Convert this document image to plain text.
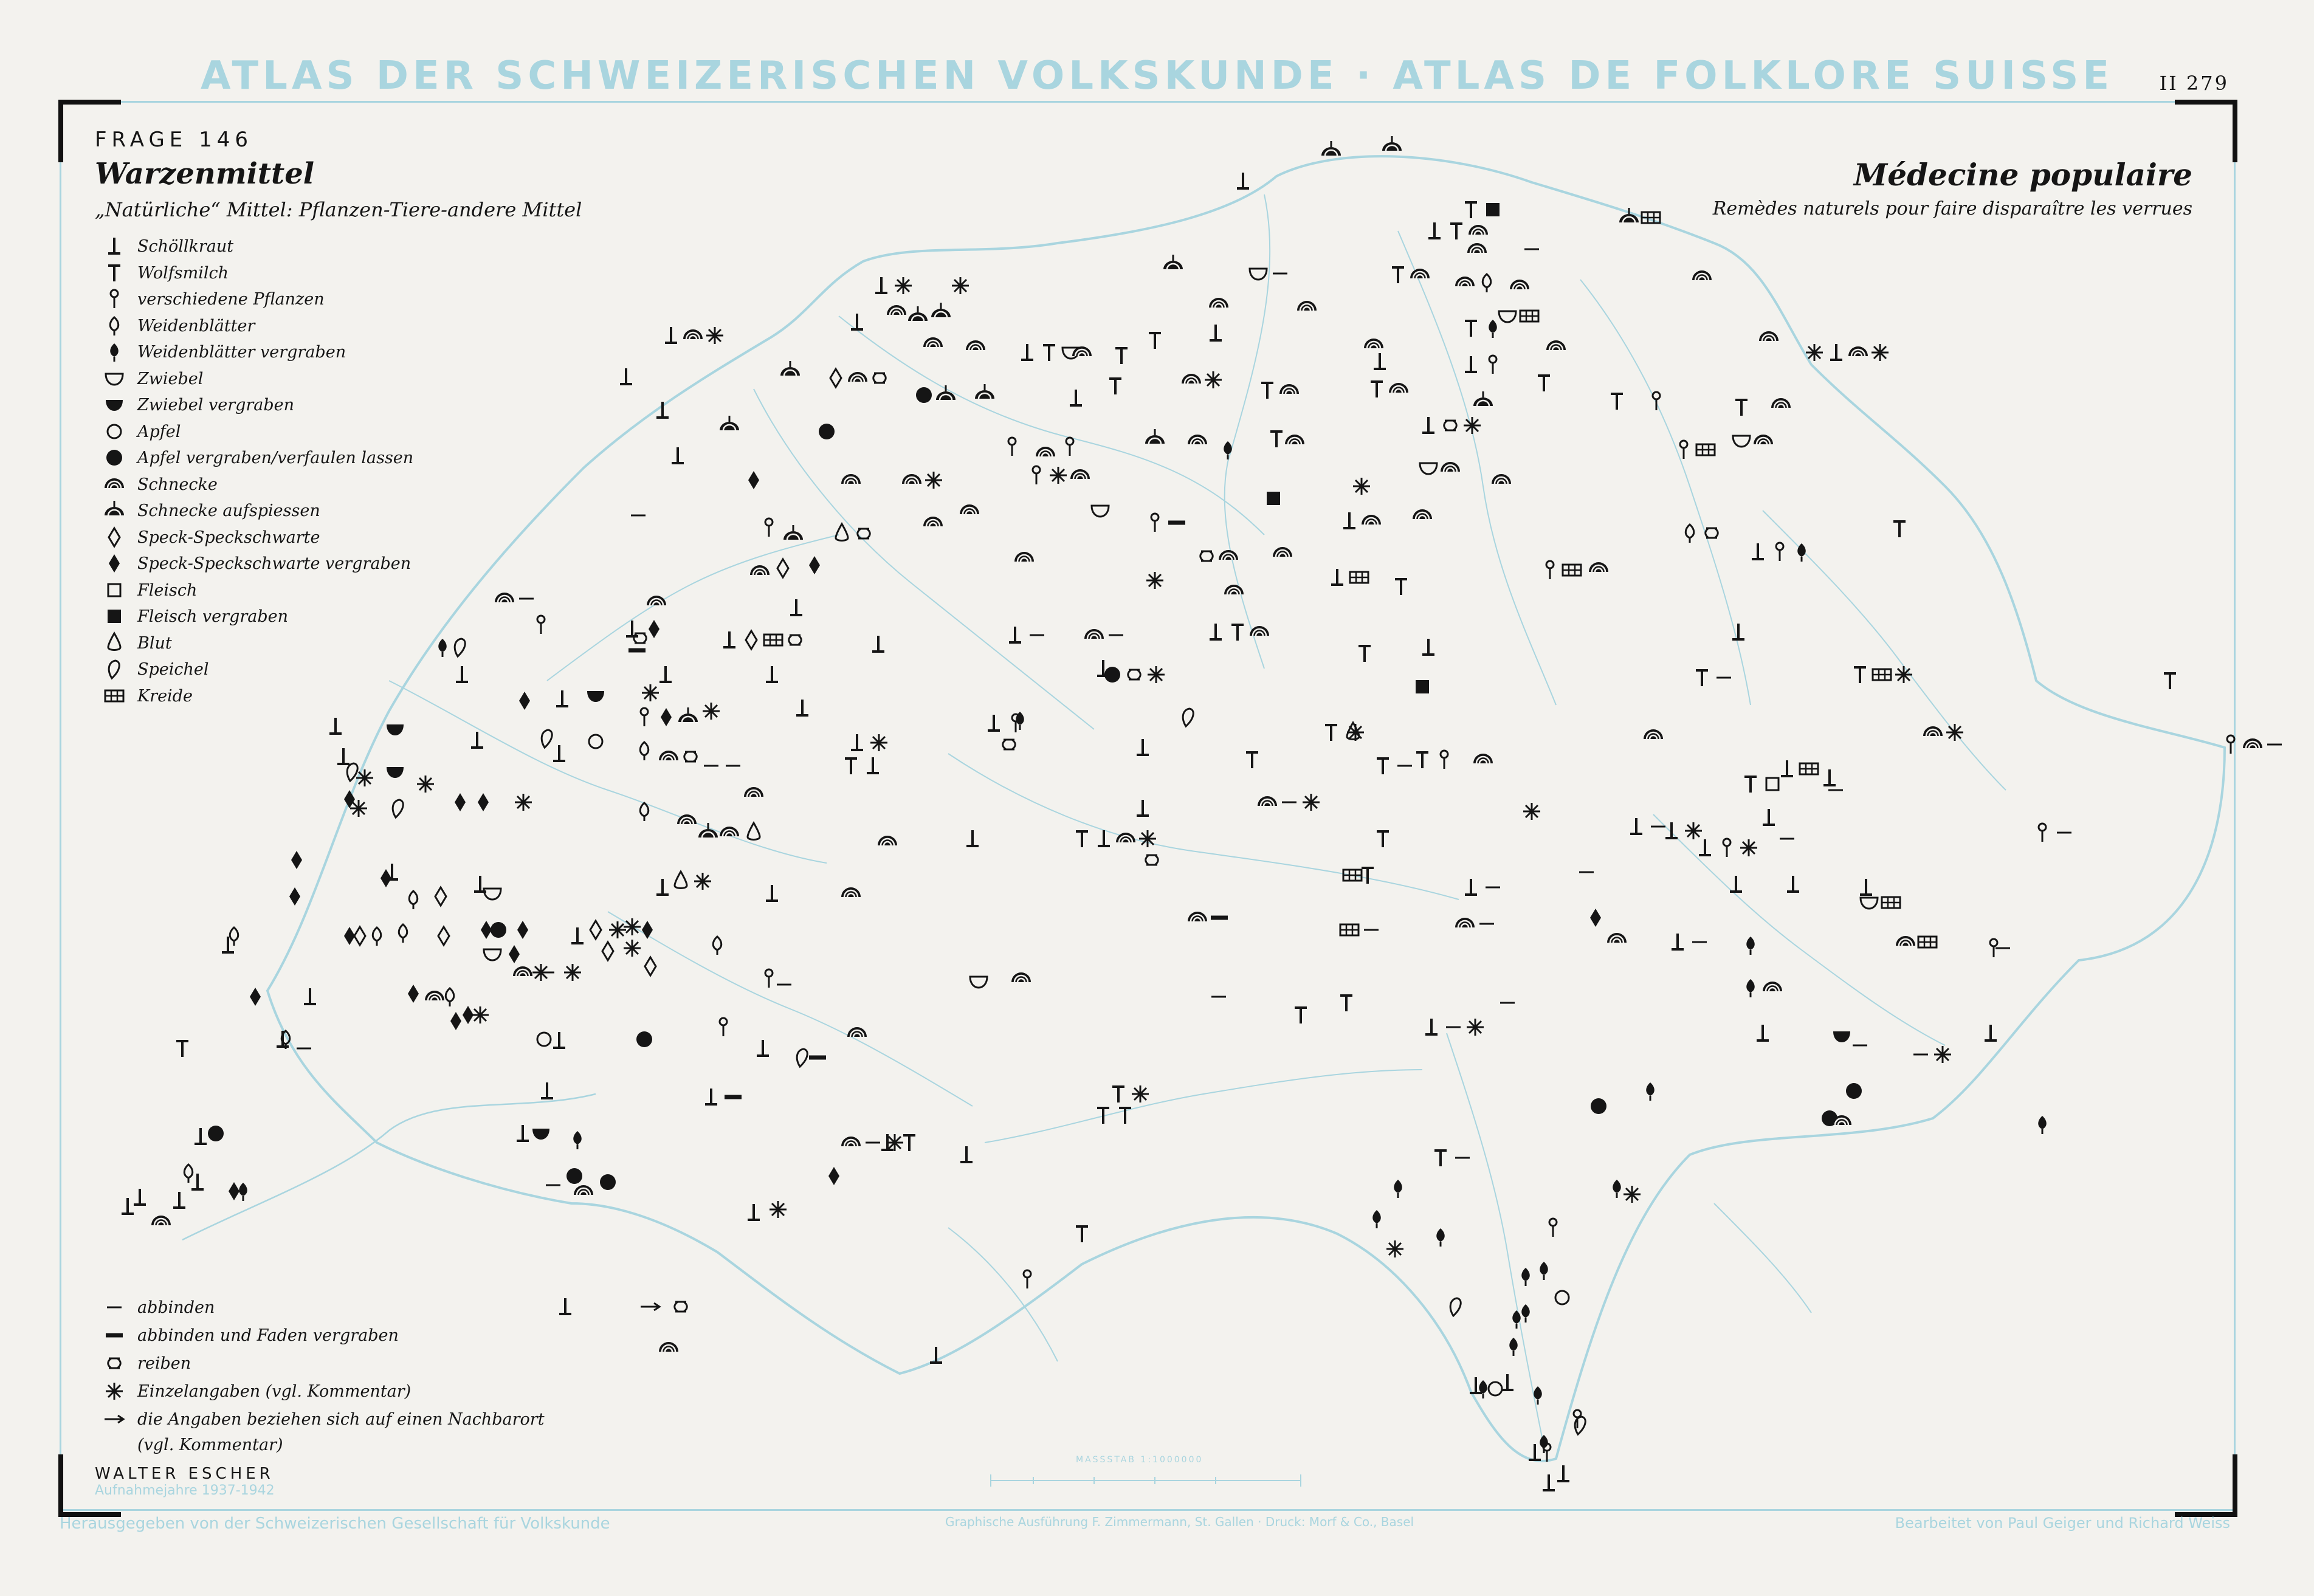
ATLAS DER SCHWEIZERISCHEN VOLKSKUNDE · ATLAS DE FOLKLORE SUISSE	II 279
FRAGE 146
Warzenmittel
„Natürliche“ Mittel: Pflanzen-Tiere-andere Mittel
Médecine populaire
Remèdes naturels pour faire disparaître les verrues
Schöllkraut
Wolfsmilch
verschiedene Pflanzen
Weidenblätter
Weidenblätter vergraben
Zwiebel
Zwiebel vergraben
Apfel
Apfel vergraben/verfaulen lassen
Schnecke
Schnecke aufspiessen
Speck-Speckschwarte
Speck-Speckschwarte vergraben
Fleisch
Fleisch vergraben
Blut
Speichel
Kreide
abbinden
abbinden und Faden vergraben
reiben
Einzelangaben (vgl. Kommentar)
die Angaben beziehen sich auf einen Nachbarort
(vgl. Kommentar)
WALTER ESCHER
Aufnahmejahre 1937-1942
MASSSTAB 1:1000000
Herausgegeben von der Schweizerischen Gesellschaft für Volkskunde	Graphische Ausführung F. Zimmermann, St. Gallen · Druck: Morf & Co., Basel	Bearbeitet von Paul Geiger und Richard Weiss
